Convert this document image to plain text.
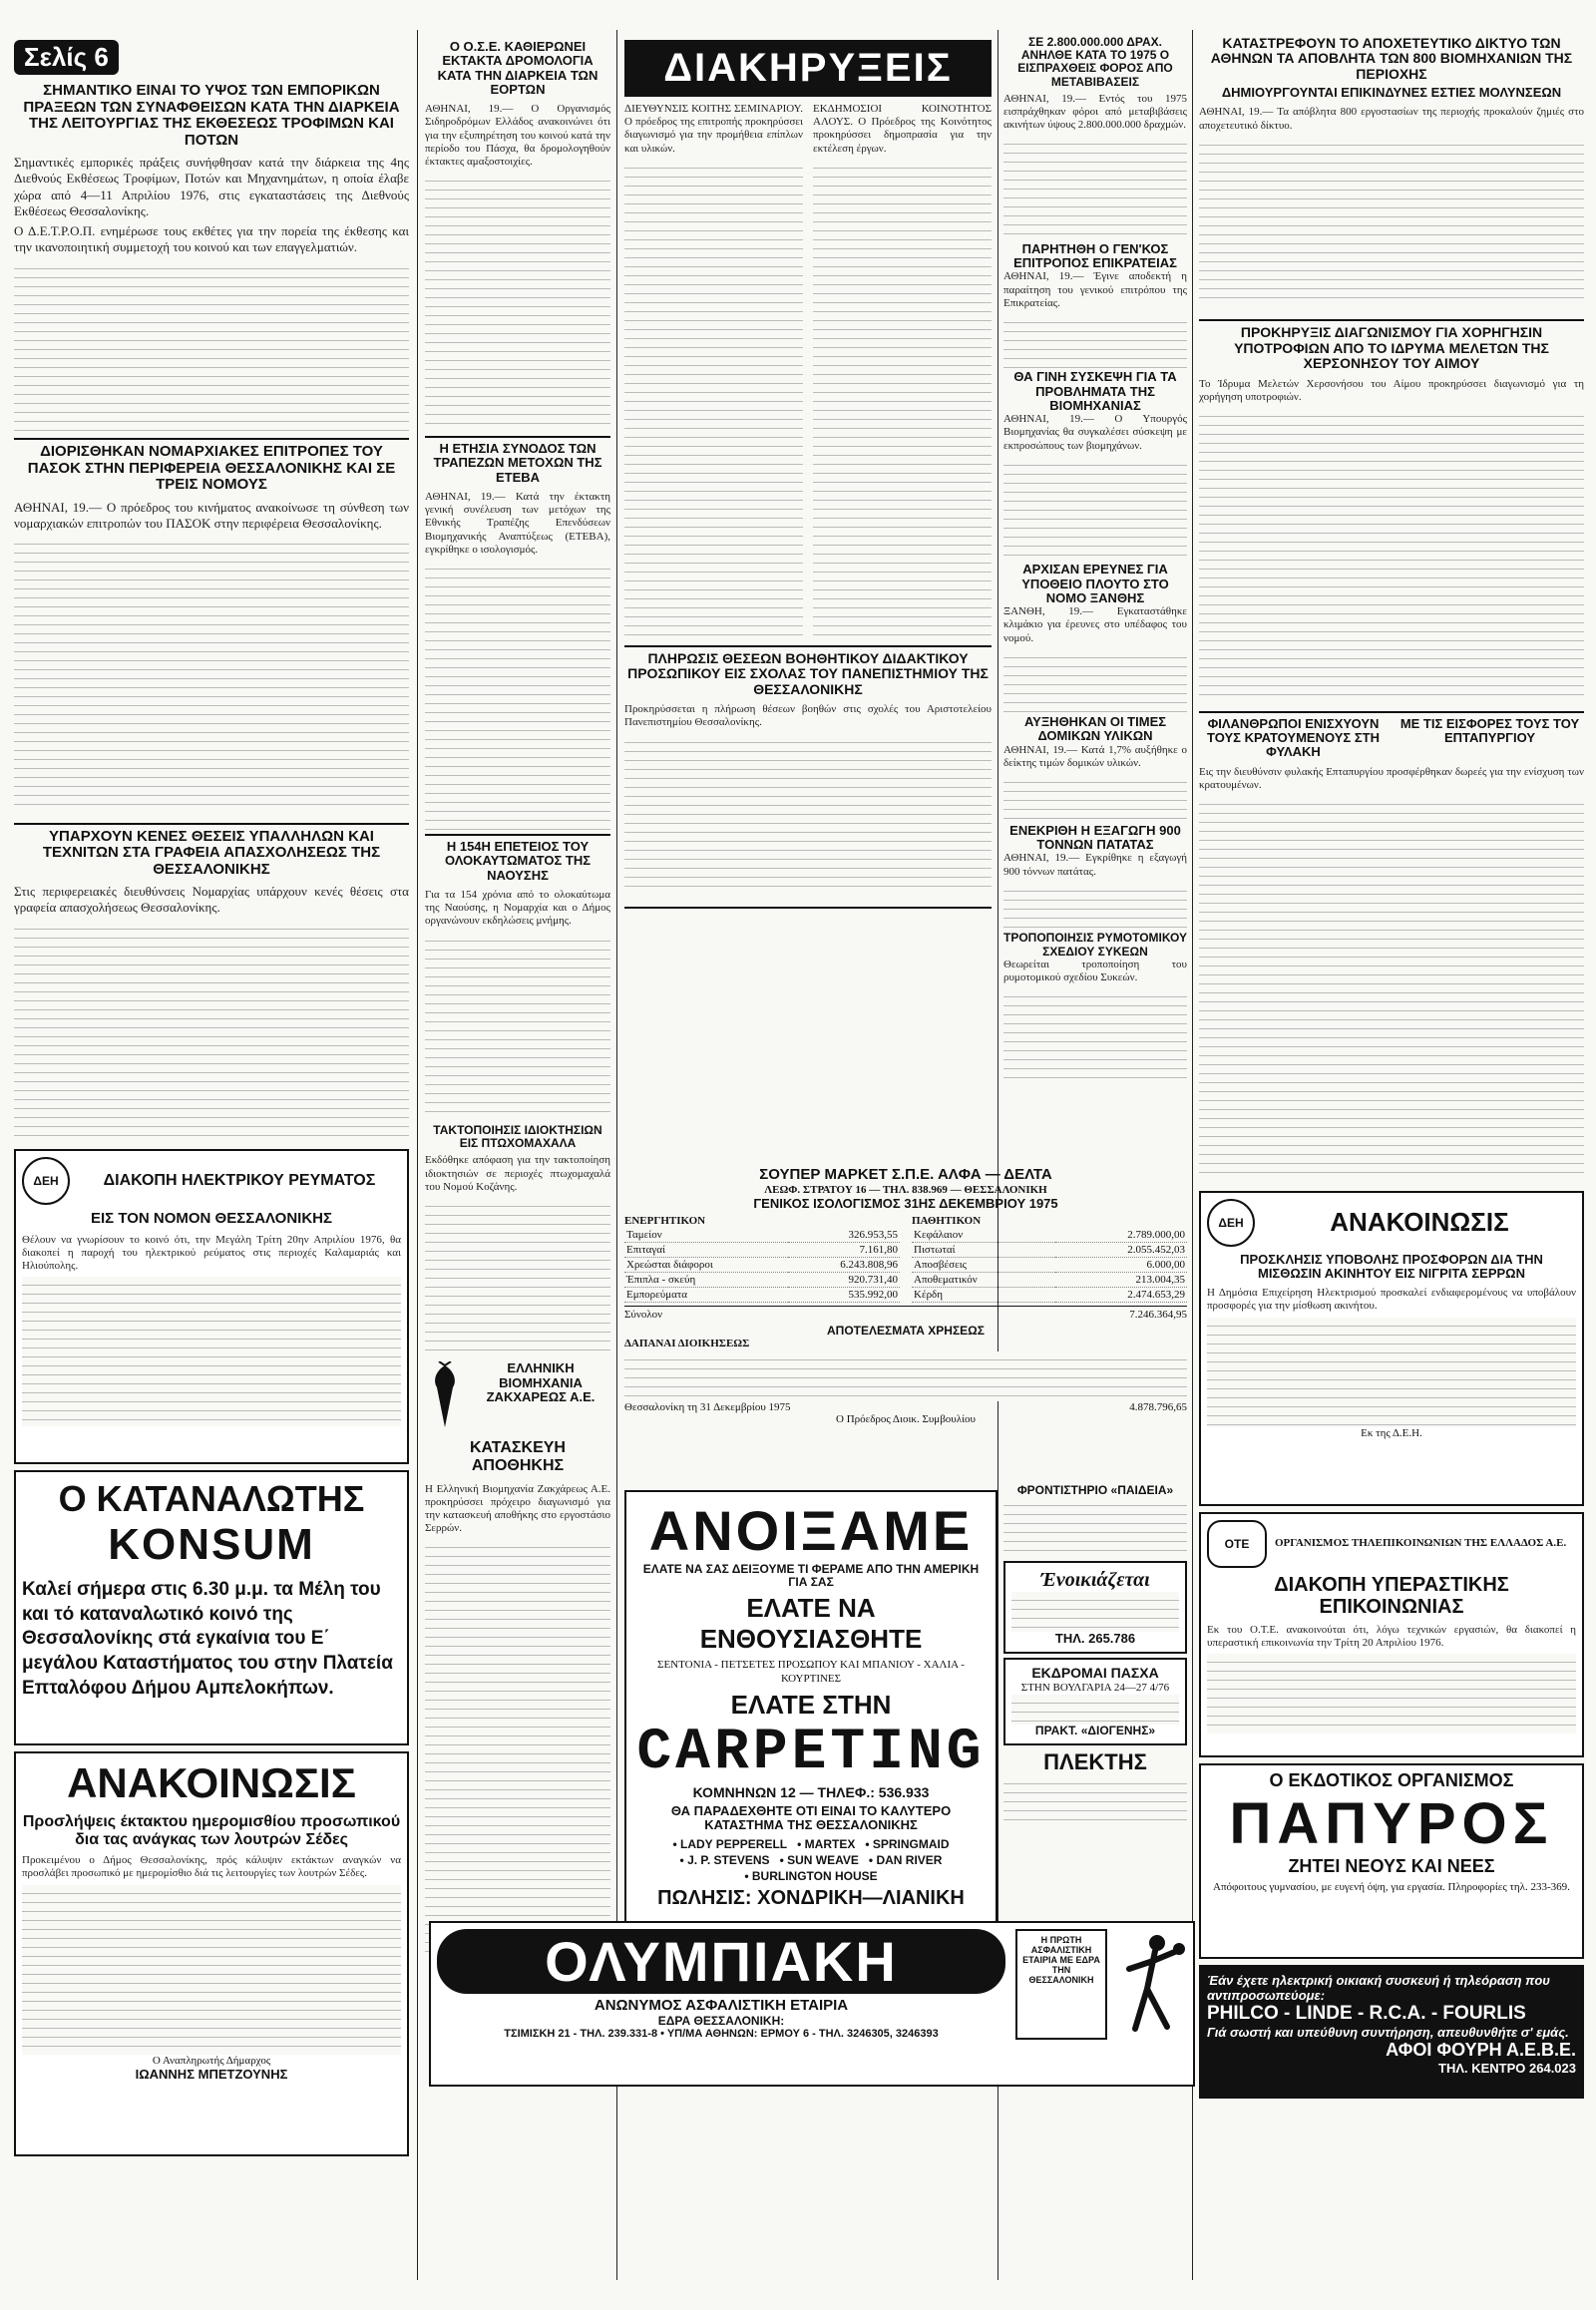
Σελίς 6
ΣΗΜΑΝΤΙΚΟ ΕΙΝΑΙ ΤΟ ΥΨΟΣ ΤΩΝ ΕΜΠΟΡΙΚΩΝ ΠΡΑΞΕΩΝ ΤΩΝ ΣΥΝΑΦΘΕΙΣΩΝ ΚΑΤΑ ΤΗΝ ΔΙΑΡΚΕΙΑ ΤΗΣ ΛΕΙΤΟΥΡΓΙΑΣ ΤΗΣ ΕΚΘΕΣΕΩΣ ΤΡΟΦΙΜΩΝ ΚΑΙ ΠΟΤΩΝ

Σημαντικές εμπορικές πράξεις συνήφθησαν κατά την διάρκεια της 4ης Διεθνούς Εκθέσεως Τροφίμων, Ποτών και Μηχανημάτων, η οποία έλαβε χώρα από 4—11 Απριλίου 1976, στις εγκαταστάσεις της Διεθνούς Εκθέσεως Θεσσαλονίκης.

Ο Δ.Ε.Τ.Ρ.Ο.Π. ενημέρωσε τους εκθέτες για την πορεία της έκθεσης και την ικανοποιητική συμμετοχή του κοινού και των επαγγελματιών.

ΔΙΟΡΙΣΘΗΚΑΝ ΝΟΜΑΡΧΙΑΚΕΣ ΕΠΙΤΡΟΠΕΣ ΤΟΥ ΠΑΣΟΚ ΣΤΗΝ ΠΕΡΙΦΕΡΕΙΑ ΘΕΣΣΑΛΟΝΙΚΗΣ ΚΑΙ ΣΕ ΤΡΕΙΣ ΝΟΜΟΥΣ

ΑΘΗΝΑΙ, 19.— Ο πρόεδρος του κινήματος ανακοίνωσε τη σύνθεση των νομαρχιακών επιτροπών του ΠΑΣΟΚ στην περιφέρεια Θεσσαλονίκης.

ΥΠΑΡΧΟΥΝ ΚΕΝΕΣ ΘΕΣΕΙΣ ΥΠΑΛΛΗΛΩΝ ΚΑΙ ΤΕΧΝΙΤΩΝ ΣΤΑ ΓΡΑΦΕΙΑ ΑΠΑΣΧΟΛΗΣΕΩΣ ΤΗΣ ΘΕΣΣΑΛΟΝΙΚΗΣ

Στις περιφερειακές διευθύνσεις Νομαρχίας υπάρχουν κενές θέσεις στα γραφεία απασχολήσεως Θεσσαλονίκης.

ΔΕΗ	ΔΙΑΚΟΠΗ ΗΛΕΚΤΡΙΚΟΥ ΡΕΥΜΑΤΟΣ
ΕΙΣ ΤΟΝ ΝΟΜΟΝ ΘΕΣΣΑΛΟΝΙΚΗΣ
Θέλουν να γνωρίσουν το κοινό ότι, την Μεγάλη Τρίτη 20ην Απριλίου 1976, θα διακοπεί η παροχή του ηλεκτρικού ρεύματος στις περιοχές Καλαμαριάς και Ηλιούπολης.
Ο ΚΑΤΑΝΑΛΩΤΗΣ
KONSUM
Καλεί σήμερα στις 6.30 μ.μ. τα Μέλη του και τό καταναλωτικό κοινό της Θεσσαλονίκης στά εγκαίνια του Ε΄ μεγάλου Καταστήματος του στην Πλατεία Επταλόφου Δήμου Αμπελοκήπων.
ΑΝΑΚΟΙΝΩΣΙΣ
Προσλήψεις έκτακτου ημερομισθίου προσωπικού δια τας ανάγκας των λουτρών Σέδες
Προκειμένου ο Δήμος Θεσσαλονίκης, πρός κάλυψιν εκτάκτων αναγκών να προσλάβει προσωπικό με ημερομίσθιο διά τις λειτουργίες των λουτρών Σέδες.
Ο Αναπληρωτής Δήμαρχος
ΙΩΑΝΝΗΣ ΜΠΕΤΖΟΥΝΗΣ
Ο Ο.Σ.Ε. ΚΑΘΙΕΡΩΝΕΙ ΕΚΤΑΚΤΑ ΔΡΟΜΟΛΟΓΙΑ ΚΑΤΑ ΤΗΝ ΔΙΑΡΚΕΙΑ ΤΩΝ ΕΟΡΤΩΝ

ΑΘΗΝΑΙ, 19.— Ο Οργανισμός Σιδηροδρόμων Ελλάδος ανακοινώνει ότι για την εξυπηρέτηση του κοινού κατά την περίοδο του Πάσχα, θα δρομολογηθούν έκτακτες αμαξοστοιχίες.

Η ΕΤΗΣΙΑ ΣΥΝΟΔΟΣ ΤΩΝ ΤΡΑΠΕΖΩΝ ΜΕΤΟΧΩΝ ΤΗΣ ΕΤΕΒΑ

ΑΘΗΝΑΙ, 19.— Κατά την έκτακτη γενική συνέλευση των μετόχων της Εθνικής Τραπέζης Επενδύσεων Βιομηχανικής Αναπτύξεως (ΕΤΕΒΑ), εγκρίθηκε ο ισολογισμός.

Η 154Η ΕΠΕΤΕΙΟΣ ΤΟΥ ΟΛΟΚΑΥΤΩΜΑΤΟΣ ΤΗΣ ΝΑΟΥΣΗΣ

Για τα 154 χρόνια από το ολοκαύτωμα της Ναούσης, η Νομαρχία και ο Δήμος οργανώνουν εκδηλώσεις μνήμης.

ΤΑΚΤΟΠΟΙΗΣΙΣ ΙΔΙΟΚΤΗΣΙΩΝ ΕΙΣ ΠΤΩΧΟΜΑΧΑΛΑ

Εκδόθηκε απόφαση για την τακτοποίηση ιδιοκτησιών σε περιοχές πτωχομαχαλά του Νομού Κοζάνης.

ΕΛΛΗΝΙΚΗ ΒΙΟΜΗΧΑΝΙΑ ΖΑΚΧΑΡΕΩΣ Α.Ε.
ΚΑΤΑΣΚΕΥΗ ΑΠΟΘΗΚΗΣ
Η Ελληνική Βιομηχανία Ζακχάρεως Α.Ε. προκηρύσσει πρόχειρο διαγωνισμό για την κατασκευή αποθήκης στο εργοστάσιο Σερρών.
ΔΙΑΚΗΡΥΞΕΙΣ

ΔΙΕΥΘΥΝΣΙΣ ΚΟΙΤΗΣ ΣΕΜΙΝΑΡΙΟΥ. Ο πρόεδρος της επιτροπής προκηρύσσει διαγωνισμό για την προμήθεια επίπλων και υλικών.

ΕΚΔΗΜΟΣΙΟΙ ΚΟΙΝΟΤΗΤΟΣ ΑΛΟΥΣ. Ο Πρόεδρος της Κοινότητος προκηρύσσει δημοπρασία για την εκτέλεση έργων.

ΠΛΗΡΩΣΙΣ ΘΕΣΕΩΝ ΒΟΗΘΗΤΙΚΟΥ ΔΙΔΑΚΤΙΚΟΥ ΠΡΟΣΩΠΙΚΟΥ ΕΙΣ ΣΧΟΛΑΣ ΤΟΥ ΠΑΝΕΠΙΣΤΗΜΙΟΥ ΤΗΣ ΘΕΣΣΑΛΟΝΙΚΗΣ

Προκηρύσσεται η πλήρωση θέσεων βοηθών στις σχολές του Αριστοτελείου Πανεπιστημίου Θεσσαλονίκης.

ΣΕ 2.800.000.000 ΔΡΑΧ. ΑΝΗΛΘΕ ΚΑΤΑ ΤΟ 1975 Ο ΕΙΣΠΡΑΧΘΕΙΣ ΦΟΡΟΣ ΑΠΟ ΜΕΤΑΒΙΒΑΣΕΙΣ

ΑΘΗΝΑΙ, 19.— Εντός του 1975 εισπράχθηκαν φόροι από μεταβιβάσεις ακινήτων ύψους 2.800.000.000 δραχμών.

ΠΑΡΗΤΗΘΗ Ο ΓΕΝ'ΚΟΣ ΕΠΙΤΡΟΠΟΣ ΕΠΙΚΡΑΤΕΙΑΣ

ΑΘΗΝΑΙ, 19.— Έγινε αποδεκτή η παραίτηση του γενικού επιτρόπου της Επικρατείας.

ΘΑ ΓΙΝΗ ΣΥΣΚΕΨΗ ΓΙΑ ΤΑ ΠΡΟΒΛΗΜΑΤΑ ΤΗΣ ΒΙΟΜΗΧΑΝΙΑΣ

ΑΘΗΝΑΙ, 19.— Ο Υπουργός Βιομηχανίας θα συγκαλέσει σύσκεψη με εκπροσώπους των βιομηχάνων.

ΑΡΧΙΣΑΝ ΕΡΕΥΝΕΣ ΓΙΑ ΥΠΟΘΕΙΟ ΠΛΟΥΤΟ ΣΤΟ ΝΟΜΟ ΞΑΝΘΗΣ

ΞΑΝΘΗ, 19.— Εγκαταστάθηκε κλιμάκιο για έρευνες στο υπέδαφος του νομού.

ΑΥΞΗΘΗΚΑΝ ΟΙ ΤΙΜΕΣ ΔΟΜΙΚΩΝ ΥΛΙΚΩΝ

ΑΘΗΝΑΙ, 19.— Κατά 1,7% αυξήθηκε ο δείκτης τιμών δομικών υλικών.

ΕΝΕΚΡΙΘΗ Η ΕΞΑΓΩΓΗ 900 ΤΟΝΝΩΝ ΠΑΤΑΤΑΣ

ΑΘΗΝΑΙ, 19.— Εγκρίθηκε η εξαγωγή 900 τόννων πατάτας.

ΤΡΟΠΟΠΟΙΗΣΙΣ ΡΥΜΟΤΟΜΙΚΟΥ ΣΧΕΔΙΟΥ ΣΥΚΕΩΝ

Θεωρείται τροποποίηση του ρυμοτομικού σχεδίου Συκεών.

ΣΟΥΠΕΡ ΜΑΡΚΕΤ Σ.Π.Ε. ΑΛΦΑ — ΔΕΛΤΑ
ΛΕΩΦ. ΣΤΡΑΤΟΥ 16 — ΤΗΛ. 838.969 — ΘΕΣΣΑΛΟΝΙΚΗ
ΓΕΝΙΚΟΣ ΙΣΟΛΟΓΙΣΜΟΣ 31ΗΣ ΔΕΚΕΜΒΡΙΟΥ 1975
ΕΝΕΡΓΗΤΙΚΟΝ
Ταμείον	326.953,55
Επιταγαί	7.161,80
Χρεώσται διάφοροι	6.243.808,96
Έπιπλα - σκεύη	920.731,40
Εμπορεύματα	535.992,00
ΠΑΘΗΤΙΚΟΝ
Κεφάλαιον	2.789.000,00
Πιστωταί	2.055.452,03
Αποσβέσεις	6.000,00
Αποθεματικόν	213.004,35
Κέρδη	2.474.653,29
Σύνολον	7.246.364,95
ΑΠΟΤΕΛΕΣΜΑΤΑ ΧΡΗΣΕΩΣ
ΔΑΠΑΝΑΙ ΔΙΟΙΚΗΣΕΩΣ
Θεσσαλονίκη τη 31 Δεκεμβρίου 1975	4.878.796,65
Ο Πρόεδρος Διοικ. Συμβουλίου
ΑΝΟΙΞΑΜΕ
ΕΛΑΤΕ ΝΑ ΣΑΣ ΔΕΙΞΟΥΜΕ ΤΙ ΦΕΡΑΜΕ ΑΠΟ ΤΗΝ ΑΜΕΡΙΚΗ ΓΙΑ ΣΑΣ
ΕΛΑΤΕ ΝΑ ΕΝΘΟΥΣΙΑΣΘΗΤΕ
ΣΕΝΤΟΝΙΑ - ΠΕΤΣΕΤΕΣ ΠΡΟΣΩΠΟΥ ΚΑΙ ΜΠΑΝΙΟΥ - ΧΑΛΙΑ - ΚΟΥΡΤΙΝΕΣ
ΕΛΑΤΕ ΣΤΗΝ
CARPETING
ΚΟΜΝΗΝΩΝ 12 — ΤΗΛΕΦ.: 536.933
ΘΑ ΠΑΡΑΔΕΧΘΗΤΕ ΟΤΙ ΕΙΝΑΙ ΤΟ ΚΑΛΥΤΕΡΟ ΚΑΤΑΣΤΗΜΑ ΤΗΣ ΘΕΣΣΑΛΟΝΙΚΗΣ
• LADY PEPPERELL • MARTEX • SPRINGMAID
• J. P. STEVENS • SUN WEAVE • DAN RIVER
• BURLINGTON HOUSE
ΠΩΛΗΣΙΣ: ΧΟΝΔΡΙΚΗ—ΛΙΑΝΙΚΗ
ΦΡΟΝΤΙΣΤΗΡΙΟ «ΠΑΙΔΕΙΑ»
Ένοικιάζεται
ΤΗΛ. 265.786
ΕΚΔΡΟΜΑΙ ΠΑΣΧΑ
ΣΤΗΝ ΒΟΥΛΓΑΡΙΑ 24—27 4/76
ΠΡΑΚΤ. «ΔΙΟΓΕΝΗΣ»
ΠΛΕΚΤΗΣ
ΟΛΥΜΠΙΑΚΗ
ΑΝΩΝΥΜΟΣ ΑΣΦΑΛΙΣΤΙΚΗ ΕΤΑΙΡΙΑ
ΕΔΡΑ ΘΕΣΣΑΛΟΝΙΚΗ:
ΤΣΙΜΙΣΚΗ 21 - ΤΗΛ. 239.331-8 • ΥΠ/ΜΑ ΑΘΗΝΩΝ: ΕΡΜΟΥ 6 - ΤΗΛ. 3246305, 3246393
Η ΠΡΩΤΗ ΑΣΦΑΛΙΣΤΙΚΗ ΕΤΑΙΡΙΑ ΜΕ ΕΔΡΑ ΤΗΝ ΘΕΣΣΑΛΟΝΙΚΗ
ΚΑΤΑΣΤΡΕΦΟΥΝ ΤΟ ΑΠΟΧΕΤΕΥΤΙΚΟ ΔΙΚΤΥΟ ΤΩΝ ΑΘΗΝΩΝ ΤΑ ΑΠΟΒΛΗΤΑ ΤΩΝ 800 ΒΙΟΜΗΧΑΝΙΩΝ ΤΗΣ ΠΕΡΙΟΧΗΣ
ΔΗΜΙΟΥΡΓΟΥΝΤΑΙ ΕΠΙΚΙΝΔΥΝΕΣ ΕΣΤΙΕΣ ΜΟΛΥΝΣΕΩΝ

ΑΘΗΝΑΙ, 19.— Τα απόβλητα 800 εργοστασίων της περιοχής προκαλούν ζημιές στο αποχετευτικό δίκτυο.

ΠΡΟΚΗΡΥΞΙΣ ΔΙΑΓΩΝΙΣΜΟΥ ΓΙΑ ΧΟΡΗΓΗΣΙΝ ΥΠΟΤΡΟΦΙΩΝ ΑΠΟ ΤΟ ΙΔΡΥΜΑ ΜΕΛΕΤΩΝ ΤΗΣ ΧΕΡΣΟΝΗΣΟΥ ΤΟΥ ΑΙΜΟΥ

Το Ίδρυμα Μελετών Χερσονήσου του Αίμου προκηρύσσει διαγωνισμό για τη χορήγηση υποτροφιών.

ΦΙΛΑΝΘΡΩΠΟΙ ΕΝΙΣΧΥΟΥΝ ΤΟΥΣ ΚΡΑΤΟΥΜΕΝΟΥΣ ΣΤΗ ΦΥΛΑΚΗ
ΜΕ ΤΙΣ ΕΙΣΦΟΡΕΣ ΤΟΥΣ ΤΟΥ ΕΠΤΑΠΥΡΓΙΟΥ

Εις την διευθύνσιν φυλακής Επταπυργίου προσφέρθηκαν δωρεές για την ενίσχυση των κρατουμένων.

ΔΕΗ	ΑΝΑΚΟΙΝΩΣΙΣ
ΠΡΟΣΚΛΗΣΙΣ ΥΠΟΒΟΛΗΣ ΠΡΟΣΦΟΡΩΝ ΔΙΑ ΤΗΝ ΜΙΣΘΩΣΙΝ ΑΚΙΝΗΤΟΥ ΕΙΣ ΝΙΓΡΙΤΑ ΣΕΡΡΩΝ
Η Δημόσια Επιχείρηση Ηλεκτρισμού προσκαλεί ενδιαφερομένους να υποβάλουν προσφορές για την μίσθωση ακινήτου.
Εκ της Δ.Ε.Η.
ΟΤΕ	ΟΡΓΑΝΙΣΜΟΣ ΤΗΛΕΠΙΚΟΙΝΩΝΙΩΝ ΤΗΣ ΕΛΛΑΔΟΣ Α.Ε.
ΔΙΑΚΟΠΗ ΥΠΕΡΑΣΤΙΚΗΣ ΕΠΙΚΟΙΝΩΝΙΑΣ
Εκ του Ο.Τ.Ε. ανακοινούται ότι, λόγω τεχνικών εργασιών, θα διακοπεί η υπεραστική επικοινωνία την Τρίτη 20 Απριλίου 1976.
Ο ΕΚΔΟΤΙΚΟΣ ΟΡΓΑΝΙΣΜΟΣ
ΠΑΠΥΡΟΣ
ΖΗΤΕΙ ΝΕΟΥΣ ΚΑΙ ΝΕΕΣ
Απόφοιτους γυμνασίου, με ευγενή όψη, για εργασία. Πληροφορίες τηλ. 233-369.
Έάν έχετε ηλεκτρική οικιακή συσκευή ή τηλεόραση που αντιπροσωπεύομε:
PHILCO - LINDE - R.C.A. - FOURLIS
Γιά σωστή και υπεύθυνη συντήρηση, απευθυνθήτε σ' εμάς.
ΑΦΟΙ ΦΟΥΡΗ Α.Ε.Β.Ε.
ΤΗΛ. ΚΕΝΤΡΟ 264.023
